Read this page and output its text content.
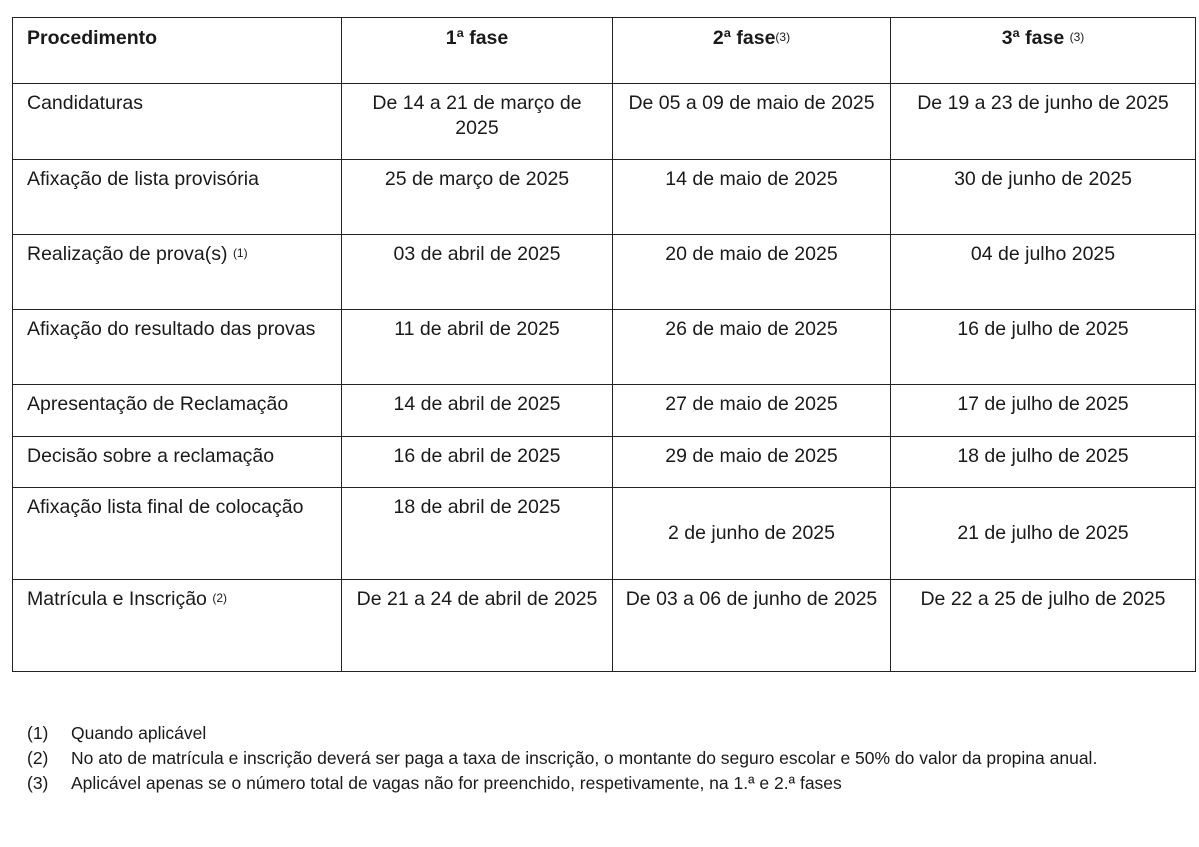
Procedimento	1ª fase	2ª fase$^{(3)}$	3ª fase $^{(3)}$
Candidaturas	De 14 a 21 de março de 2025	De 05 a 09 de maio de 2025	De 19 a 23 de junho de 2025
Afixação de lista provisória	25 de março de 2025	14 de maio de 2025	30 de junho de 2025
Realização de prova(s) $^{(1)}$	03 de abril de 2025	20 de maio de 2025	04 de julho 2025
Afixação do resultado das provas	11 de abril de 2025	26 de maio de 2025	16 de julho de 2025
Apresentação de Reclamação	14 de abril de 2025	27 de maio de 2025	17 de julho de 2025
Decisão sobre a reclamação	16 de abril de 2025	29 de maio de 2025	18 de julho de 2025
Afixação lista final de colocação	18 de abril de 2025	2 de junho de 2025	21 de julho de 2025
Matrícula e Inscrição $^{(2)}$	De 21 a 24 de abril de 2025	De 03 a 06 de junho de 2025	De 22 a 25 de julho de 2025
(1)	Quando aplicável
(2)	No ato de matrícula e inscrição deverá ser paga a taxa de inscrição, o montante do seguro escolar e 50% do valor da propina anual.
(3)	Aplicável apenas se o número total de vagas não for preenchido, respetivamente, na 1.ª e 2.ª fases
